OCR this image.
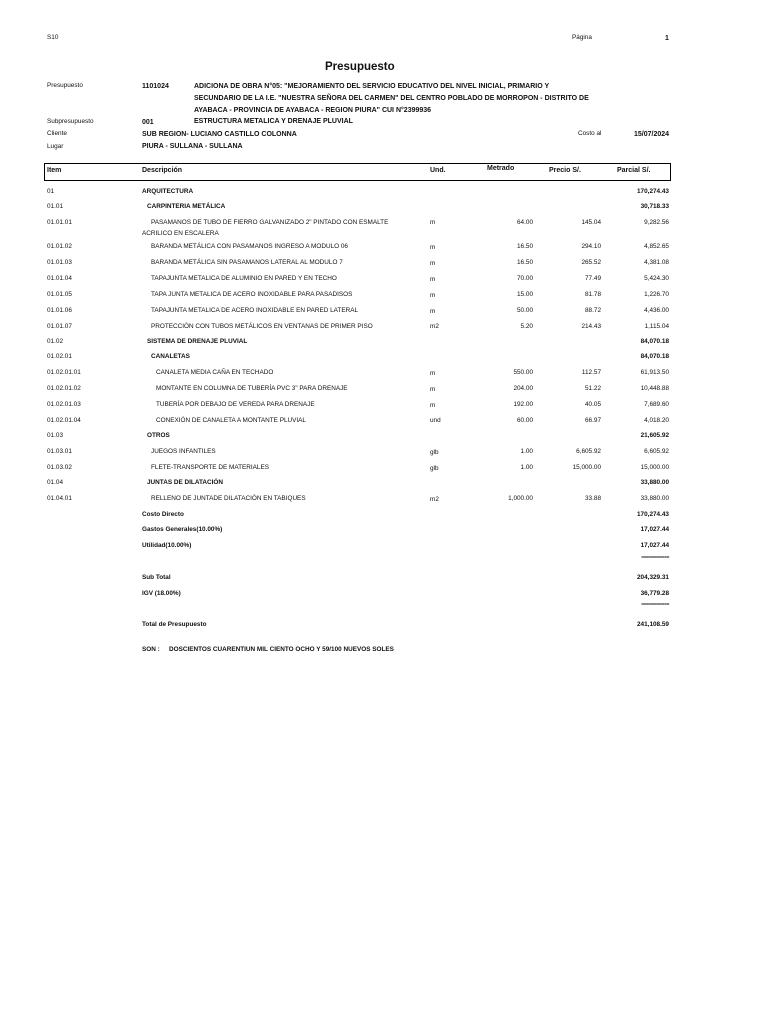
S10	Página	1
Presupuesto
Presupuesto	1101024	ADICIONA DE OBRA N°05: "MEJORAMIENTO DEL SERVICIO EDUCATIVO DEL NIVEL INICIAL, PRIMARIO Y
SECUNDARIO DE LA I.E. "NUESTRA SEÑORA DEL CARMEN" DEL CENTRO POBLADO DE MORROPON - DISTRITO DE
AYABACA - PROVINCIA DE AYABACA - REGION PIURA" CUI N°2399936
Subpresupuesto	001	ESTRUCTURA METALICA Y DRENAJE PLUVIAL
Cliente	SUB REGION- LUCIANO CASTILLO COLONNA	Costo al	15/07/2024
Lugar	PIURA - SULLANA - SULLANA
Item	Descripción	Und.	Metrado	Precio S/.	Parcial S/.
01	ARQUITECTURA	170,274.43
01.01	CARPINTERIA METÁLICA	30,718.33
01.01.01	PASAMANOS DE TUBO DE FIERRO GALVANIZADO 2" PINTADO CON ESMALTE
ACRILICO EN ESCALERA
m	64.00	145.04	9,282.56
01.01.02	BARANDA METÁLICA CON PASAMANOS INGRESO A MODULO 06	m	16.50	294.10	4,852.65
01.01.03	BARANDA METÁLICA SIN PASAMANOS LATERAL AL MODULO 7	m	16.50	265.52	4,381.08
01.01.04	TAPAJUNTA METALICA DE ALUMINIO EN PARED Y EN TECHO	m	70.00	77.49	5,424.30
01.01.05	TAPA JUNTA METALICA DE ACERO INOXIDABLE PARA PASADISOS	m	15.00	81.78	1,226.70
01.01.06	TAPAJUNTA METALICA DE ACERO INOXIDABLE EN PARED LATERAL	m	50.00	88.72	4,436.00
01.01.07	PROTECCIÓN CON TUBOS METÁLICOS EN VENTANAS DE PRIMER PISO	m2	5.20	214.43	1,115.04
01.02	SISTEMA DE DRENAJE PLUVIAL	84,070.18
01.02.01	CANALETAS	84,070.18
01.02.01.01	CANALETA MEDIA CAÑA EN TECHADO	m	550.00	112.57	61,913.50
01.02.01.02	MONTANTE EN COLUMNA DE TUBERÍA PVC 3" PARA DRENAJE	m	204.00	51.22	10,448.88
01.02.01.03	TUBERÍA POR DEBAJO DE VEREDA PARA DRENAJE	m	192.00	40.05	7,689.60
01.02.01.04	CONEXIÓN DE CANALETA A MONTANTE PLUVIAL	und	60.00	66.97	4,018.20
01.03	OTROS	21,605.92
01.03.01	JUEGOS INFANTILES	glb	1.00	6,605.92	6,605.92
01.03.02	FLETE-TRANSPORTE DE MATERIALES	glb	1.00	15,000.00	15,000.00
01.04	JUNTAS DE DILATACIÓN	33,880.00
01.04.01	RELLENO DE JUNTADE DILATACIÓN EN TABIQUES	m2	1,000.00	33.88	33,880.00
Costo Directo	170,274.43
Gastos Generales(10.00%)	17,027.44
Utilidad(10.00%)	17,027.44
===========
Sub Total	204,329.31
IGV (18.00%)	36,779.28
===========
Total de Presupuesto	241,108.59
SON : DOSCIENTOS CUARENTIUN MIL CIENTO OCHO Y 59/100 NUEVOS SOLES
